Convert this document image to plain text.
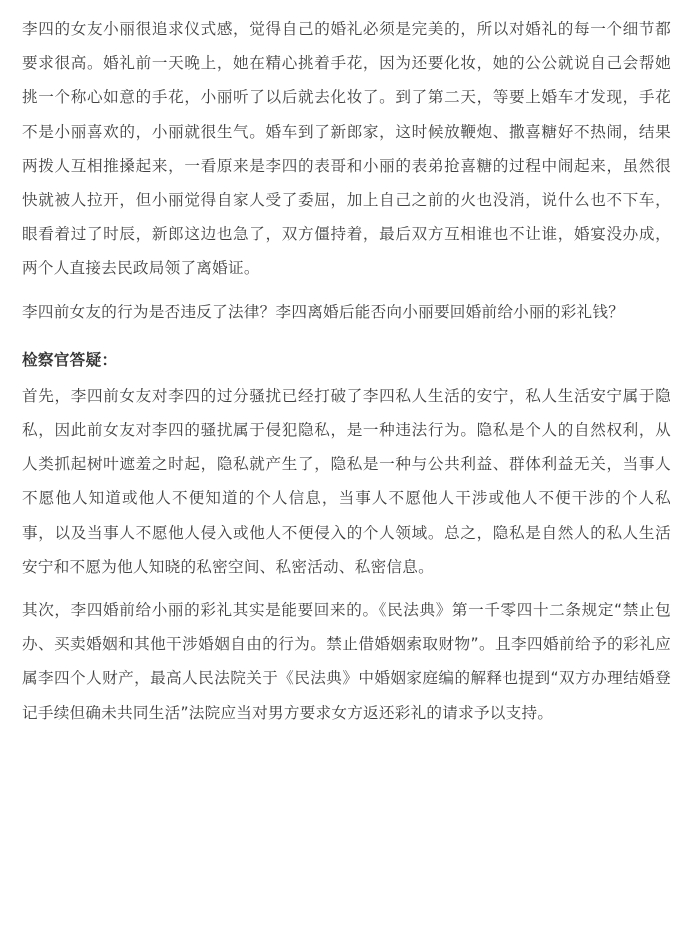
李四的女友小丽很追求仪式感，觉得自己的婚礼必须是完美的，所以对婚礼的每一个细节都要求很高。婚礼前一天晚上，她在精心挑着手花，因为还要化妆，她的公公就说自己会帮她挑一个称心如意的手花，小丽听了以后就去化妆了。到了第二天，等要上婚车才发现，手花不是小丽喜欢的，小丽就很生气。婚车到了新郎家，这时候放鞭炮、撒喜糖好不热闹，结果两拨人互相推搡起来，一看原来是李四的表哥和小丽的表弟抢喜糖的过程中闹起来，虽然很快就被人拉开，但小丽觉得自家人受了委屈，加上自己之前的火也没消，说什么也不下车，眼看着过了时辰，新郎这边也急了，双方僵持着，最后双方互相谁也不让谁，婚宴没办成，两个人直接去民政局领了离婚证。

李四前女友的行为是否违反了法律？李四离婚后能否向小丽要回婚前给小丽的彩礼钱？

检察官答疑：

首先，李四前女友对李四的过分骚扰已经打破了李四私人生活的安宁，私人生活安宁属于隐私，因此前女友对李四的骚扰属于侵犯隐私，是一种违法行为。隐私是个人的自然权利，从人类抓起树叶遮羞之时起，隐私就产生了，隐私是一种与公共利益、群体利益无关，当事人不愿他人知道或他人不便知道的个人信息，当事人不愿他人干涉或他人不便干涉的个人私事，以及当事人不愿他人侵入或他人不便侵入的个人领域。总之，隐私是自然人的私人生活安宁和不愿为他人知晓的私密空间、私密活动、私密信息。

其次，李四婚前给小丽的彩礼其实是能要回来的。《民法典》第一千零四十二条规定“禁止包办、买卖婚姻和其他干涉婚姻自由的行为。禁止借婚姻索取财物”。且李四婚前给予的彩礼应属李四个人财产，最高人民法院关于《民法典》中婚姻家庭编的解释也提到“双方办理结婚登记手续但确未共同生活”法院应当对男方要求女方返还彩礼的请求予以支持。
